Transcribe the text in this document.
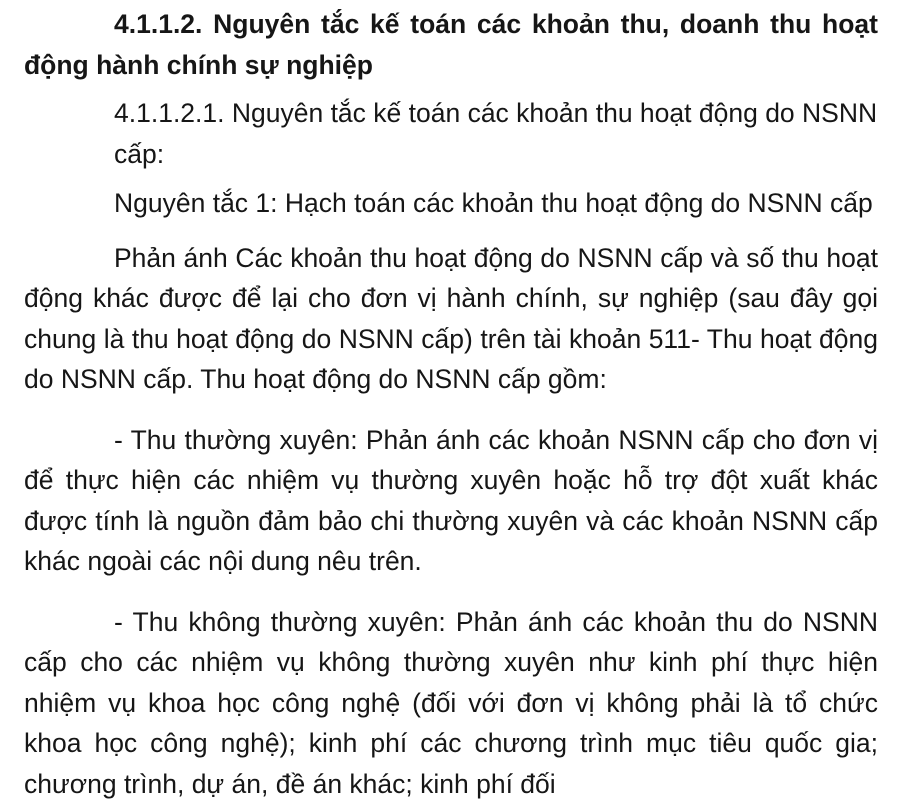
4.1.1.2. Nguyên tắc kế toán các khoản thu, doanh thu hoạt động hành chính sự nghiệp

4.1.1.2.1. Nguyên tắc kế toán các khoản thu hoạt động do NSNN cấp:

Nguyên tắc 1: Hạch toán các khoản thu hoạt động do NSNN cấp

Phản ánh Các khoản thu hoạt động do NSNN cấp và số thu hoạt động khác được để lại cho đơn vị hành chính, sự nghiệp (sau đây gọi chung là thu hoạt động do NSNN cấp) trên tài khoản 511- Thu hoạt động do NSNN cấp. Thu hoạt động do NSNN cấp gồm:

- Thu thường xuyên: Phản ánh các khoản NSNN cấp cho đơn vị để thực hiện các nhiệm vụ thường xuyên hoặc hỗ trợ đột xuất khác được tính là nguồn đảm bảo chi thường xuyên và các khoản NSNN cấp khác ngoài các nội dung nêu trên.

- Thu không thường xuyên: Phản ánh các khoản thu do NSNN cấp cho các nhiệm vụ không thường xuyên như kinh phí thực hiện nhiệm vụ khoa học công nghệ (đối với đơn vị không phải là tổ chức khoa học công nghệ); kinh phí các chương trình mục tiêu quốc gia; chương trình, dự án, đề án khác; kinh phí đối
